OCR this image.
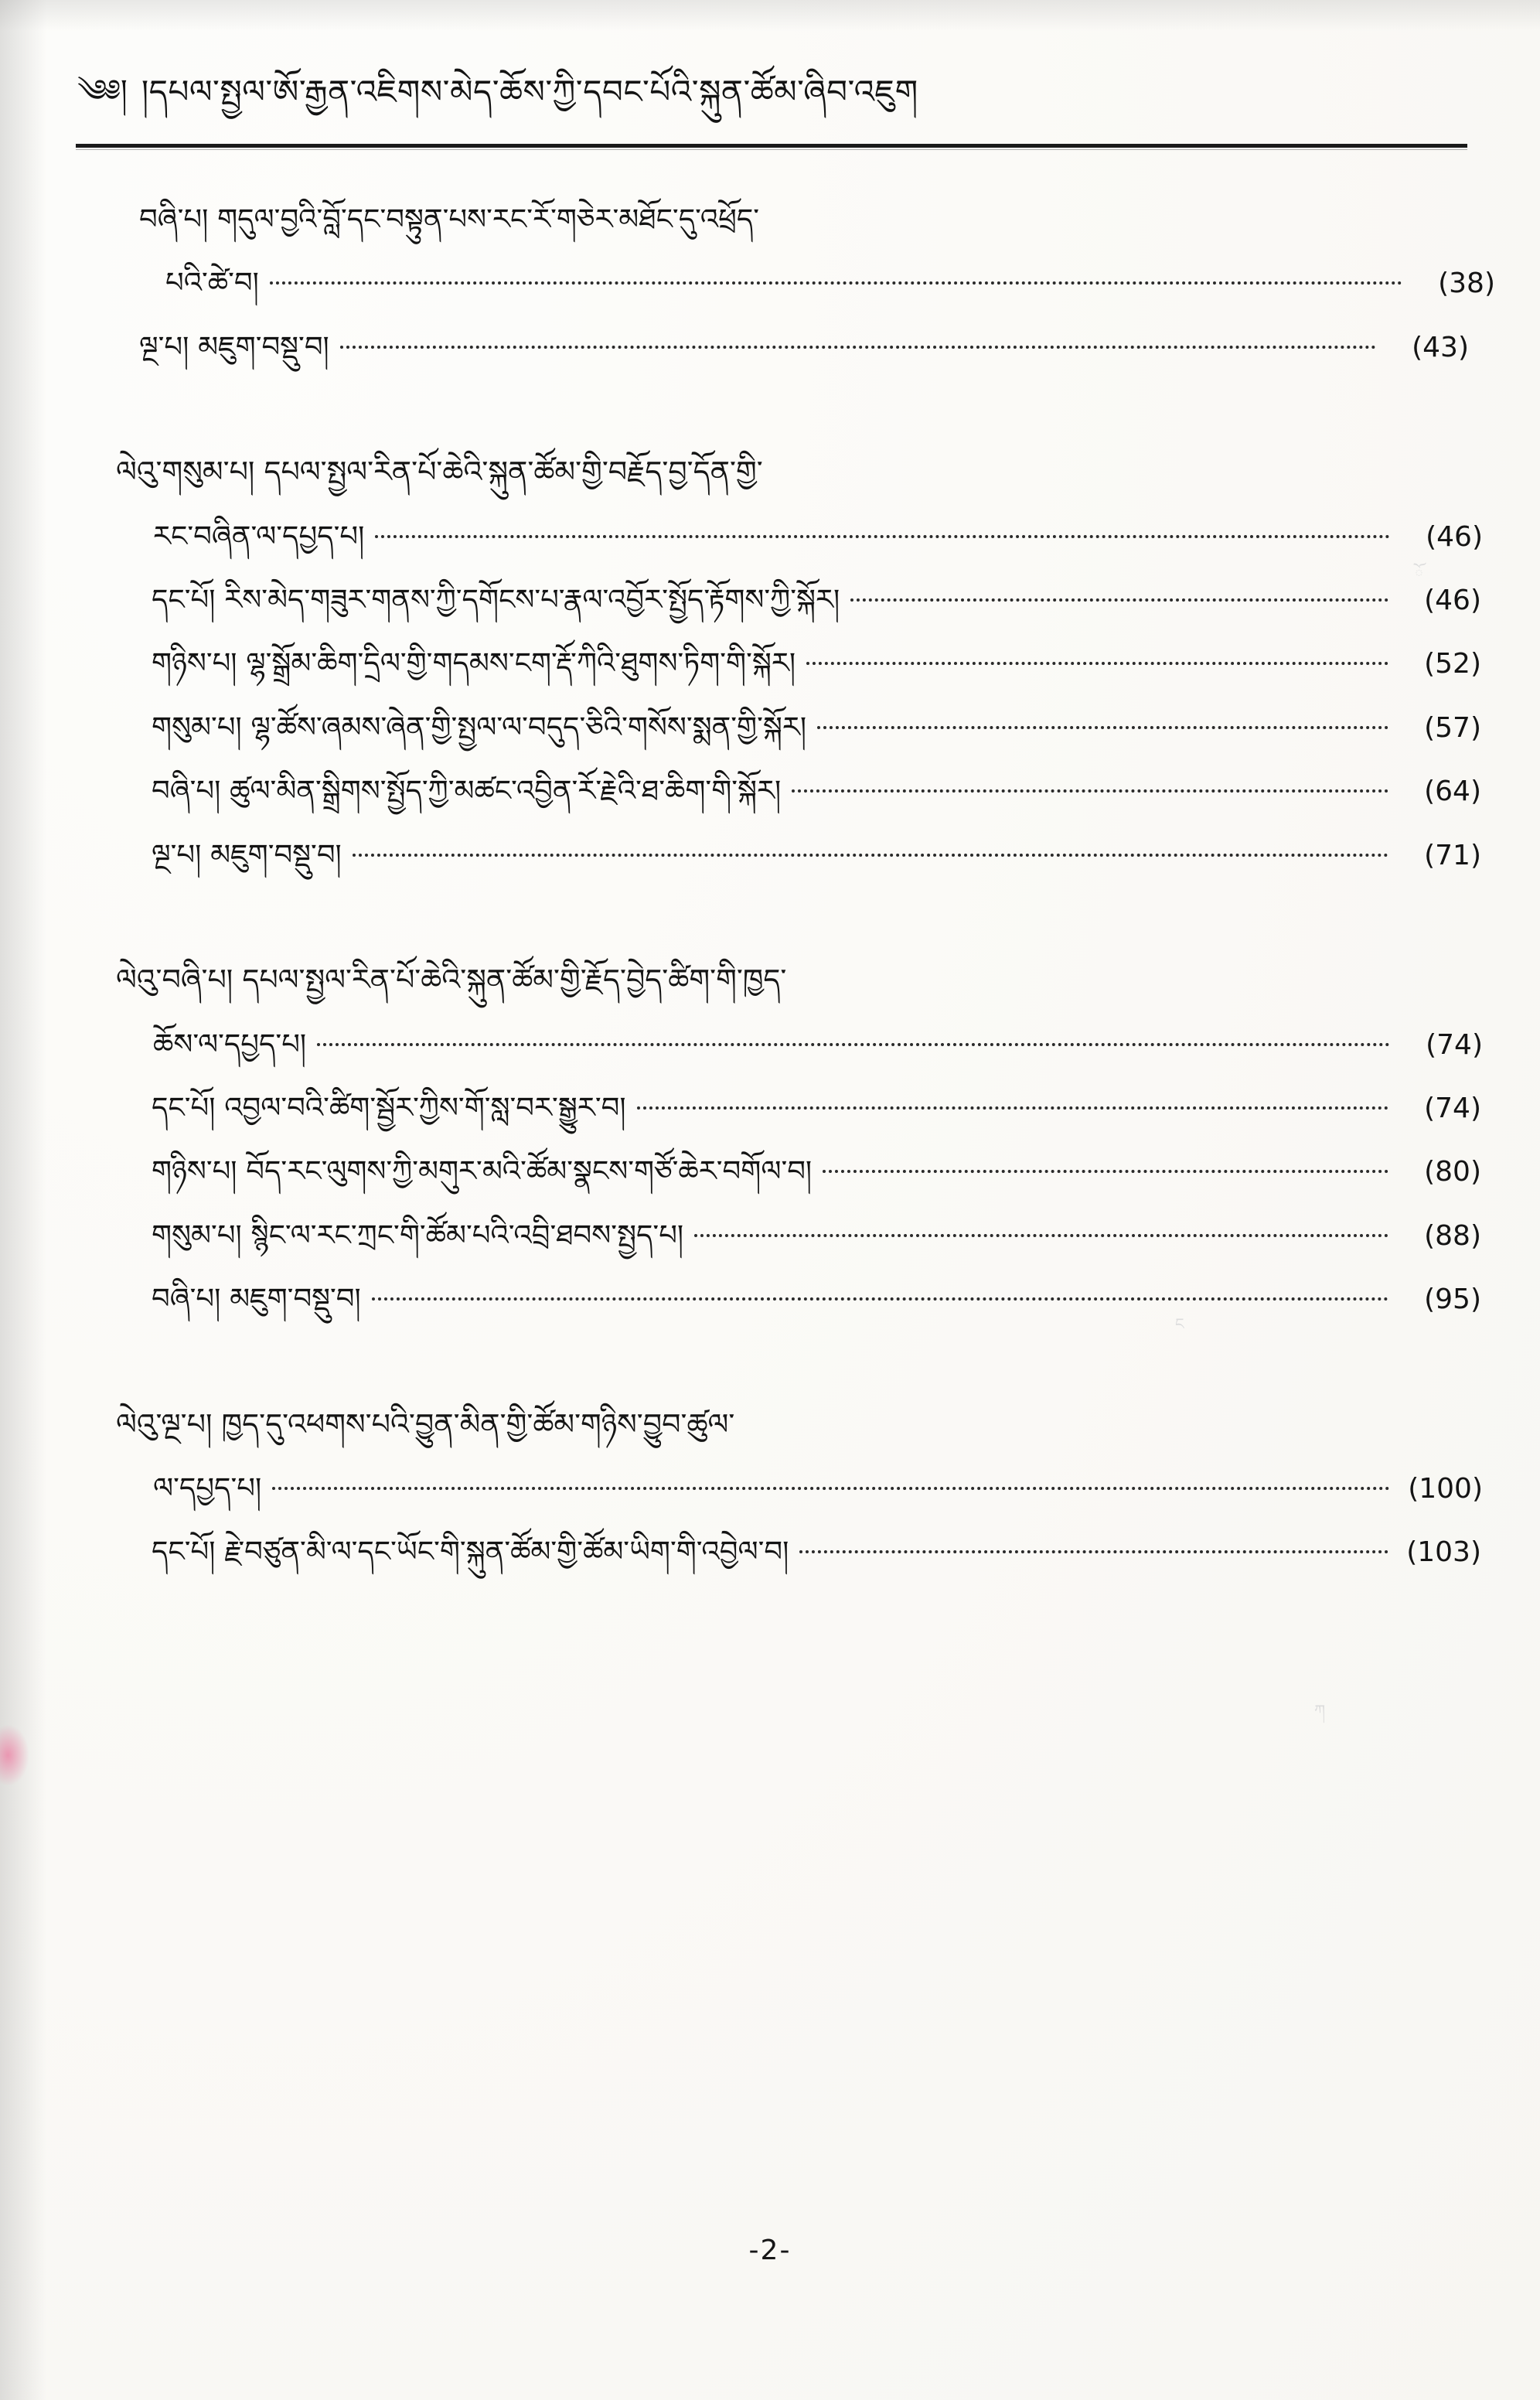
ོ
ང
ཀ
༄༅། །དཔལ་སྤྱལ་ཨོ་རྒྱན་འཇིགས་མེད་ཆོས་ཀྱི་དབང་པོའི་སྐུན་ཚོམ་ཞིབ་འཇུག
བཞི་པ། གདུལ་བྱའི་བློ་དང་བསྟུན་པས་རང་རོ་གཅེར་མཐོང་དུ་འཕྲོད་
པའི་ཚེ་བ།	(38)
ལྔ་པ། མཇུག་བསྡུ་བ།	(43)
ལེའུ་གསུམ་པ། དཔལ་སྤྱལ་རིན་པོ་ཆེའི་སྐུན་ཚོམ་གྱི་བརྗོད་བྱ་དོན་གྱི་
རང་བཞིན་ལ་དཔྱད་པ།	(46)
དང་པོ། རིས་མེད་གཟུར་གནས་ཀྱི་དགོངས་པ་རྣལ་འབྱོར་སྤྱོད་རྟོགས་ཀྱི་སྐོར།	(46)
གཉིས་པ། ལྷ་སྒྲོམ་ཆིག་དྲིལ་གྱི་གདམས་ངག་རྡོ་ཀིའི་ཐུགས་ཏིག་གི་སྐོར།	(52)
གསུམ་པ། ལྷ་ཚོས་ཞམས་ཞེན་གྱི་སྤྱལ་ལ་བདུད་ཅིའི་གསོས་སྨན་གྱི་སྐོར།	(57)
བཞི་པ། ཚུལ་མིན་སྒྲིགས་སྤྱོད་ཀྱི་མཚང་འབྱིན་རོ་རྗེའི་ཐ་ཆིག་གི་སྐོར།	(64)
ལྔ་པ། མཇུག་བསྡུ་བ།	(71)
ལེའུ་བཞི་པ། དཔལ་སྤྱལ་རིན་པོ་ཆེའི་སྐུན་ཚོམ་གྱི་རྗོད་བྱེད་ཚིག་གི་ཁྱད་
ཆོས་ལ་དཔྱད་པ།	(74)
དང་པོ། འབྱལ་བའི་ཚིག་སྦྱོར་ཀྱིས་གོ་སླ་བར་སྒྱུར་བ།	(74)
གཉིས་པ། བོད་རང་ལུགས་ཀྱི་མགུར་མའི་ཚོམ་སྣངས་གཙོ་ཆེར་བགོལ་བ།	(80)
གསུམ་པ། སྙིང་ལ་རང་ཀྲང་གི་ཚོམ་པའི་འབྲི་ཐབས་སྤྱད་པ།	(88)
བཞི་པ། མཇུག་བསྡུ་བ།	(95)
ལེའུ་ལྔ་པ། ཁྱད་དུ་འཕགས་པའི་བྱུན་མིན་གྱི་ཚོམ་གཉིས་བྱུབ་ཚུལ་
ལ་དཔྱད་པ།	(100)
དང་པོ། རྗེ་བཙུན་མི་ལ་དང་ཡོང་གི་སྐུན་ཚོམ་གྱི་ཚོམ་ཡིག་གི་འབྱེལ་བ།	(103)
-2-
